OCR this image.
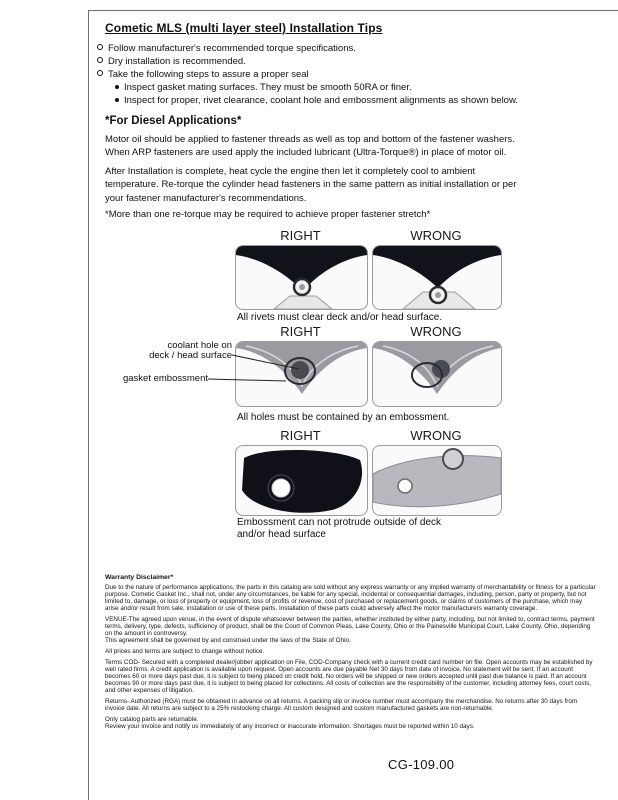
Cometic MLS (multi layer steel) Installation Tips
Follow manufacturer's recommended torque specifications.
Dry installation is recommended.
Take the following steps to assure a proper seal
Inspect gasket mating surfaces. They must be smooth 50RA or finer.
Inspect for proper, rivet clearance, coolant hole and embossment alignments as shown below.
*For Diesel Applications*

Motor oil should be applied to fastener threads as well as top and bottom of the fastener washers. When ARP fasteners are used apply the included lubricant (Ultra-Torque®) in place of motor oil.

After Installation is complete, heat cycle the engine then let it completely cool to ambient temperature. Re-torque the cylinder head fasteners in the same pattern as initial installation or per your fastener manufacturer's recommendations.

*More than one re-torque may be required to achieve proper fastener stretch*

RIGHT	WRONG
All rivets must clear deck and/or head surface.
RIGHT	WRONG
coolant hole on
deck / head surface
gasket embossment
All holes must be contained by an embossment.
RIGHT	WRONG
Embossment can not protrude outside of deck and/or head surface
Warranty Disclaimer*

Due to the nature of performance applications, the parts in this catalog are sold without any express warranty or any implied warranty of merchantability or fitness for a particular purpose. Cometic Gasket Inc., shall not, under any circumstances, be liable for any special, incidental or consequential damages, including, person, party or property, but not limited to, damage, or loss of property or equipment, loss of profits or revenue, cost of purchased or replacement goods, or claims of customers of the purchase, which may arise and/or result from sale, installation or use of these parts. Installation of these parts could adversely affect the motor manufacturers warranty coverage.

VENUE-The agreed upon venue, in the event of dispute whatsoever between the parties, whether instituted by either party, including, but not limited to, contract terms, payment terms, delivery, type, defects, sufficiency of product, shall be the Court of Common Pleas, Lake County, Ohio or the Painesville Municipal Court, Lake County, Ohio, depending on the amount in controversy.

This agreement shall be governed by and construed under the laws of the State of Ohio.

All prices and terms are subject to change without notice.

Terms COD- Secured with a completed dealer/jobber application on File, COD-Company check with a current credit card number on file. Open accounts may be established by well rated firms. A credit application is available upon request. Open accounts are due payable Net 30 days from date of invoice. No statement will be sent. If an account becomes 60 or more days past due, it is subject to being placed on credit hold. No orders will be shipped or new orders accepted until past due balance is paid. If an account becomes 90 or more days past due, it is subject to being placed for collections. All costs of collection are the responsibility of the customer, including attorney fees, court costs, and other expenses of litigation.

Returns- Authorized (RGA) must be obtained in advance on all returns. A packing slip or invoice number must accompany the merchandise. No returns after 30 days from invoice date. All returns are subject to a 25% restocking charge. All custom designed and custom manufactured gaskets are non-returnable.

Only catalog parts are returnable.

Review your invoice and notify us immediately of any incorrect or inaccurate information. Shortages must be reported within 10 days.

CG-109.00
